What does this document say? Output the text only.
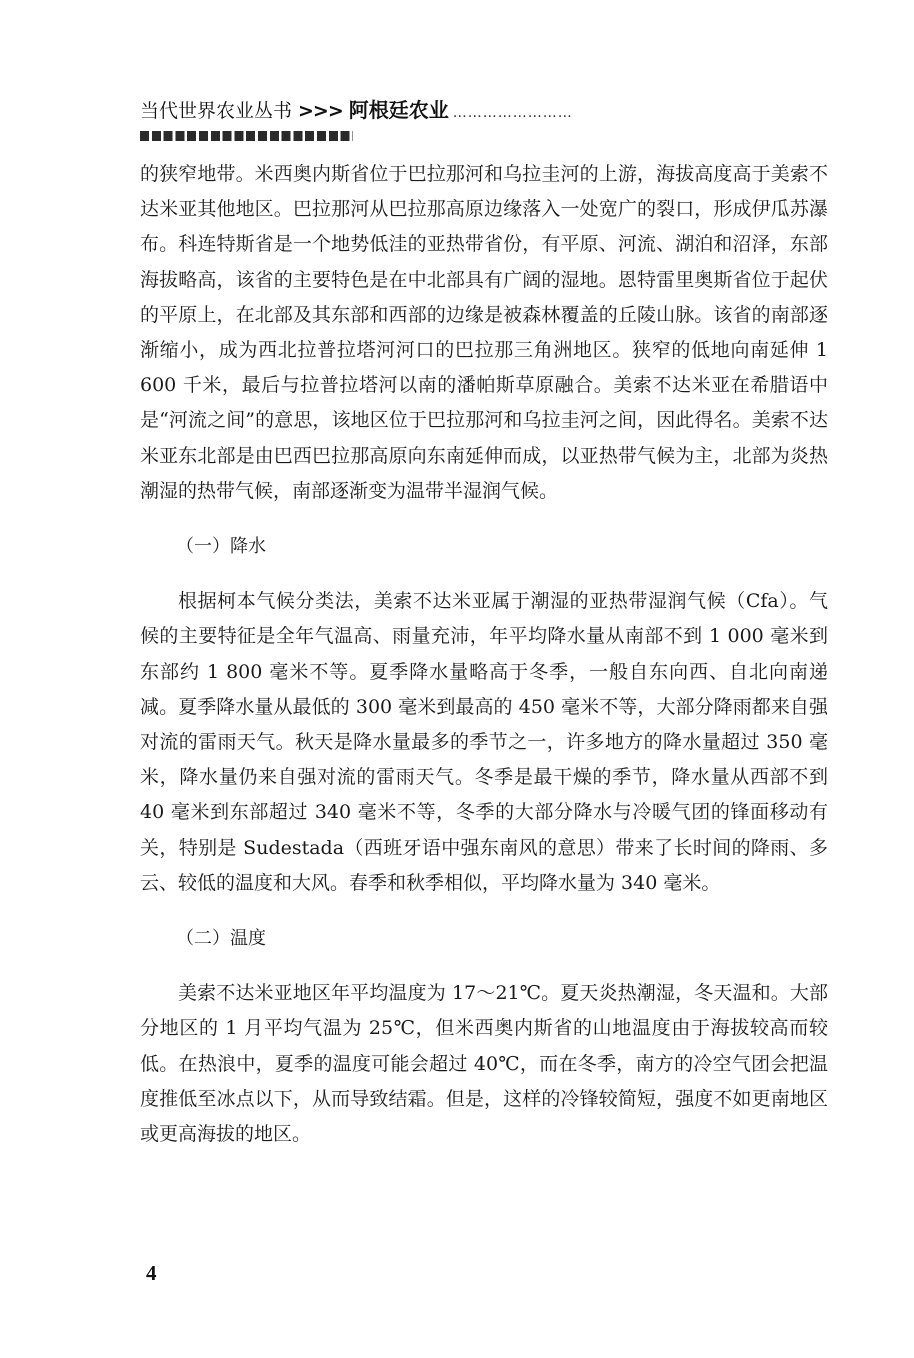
当代世界农业丛书 >>> 阿根廷农业 ……………………

的狭窄地带。米西奥内斯省位于巴拉那河和乌拉圭河的上游，海拔高度高于美索不达米亚其他地区。巴拉那河从巴拉那高原边缘落入一处宽广的裂口，形成伊瓜苏瀑布。科连特斯省是一个地势低洼的亚热带省份，有平原、河流、湖泊和沼泽，东部海拔略高，该省的主要特色是在中北部具有广阔的湿地。恩特雷里奥斯省位于起伏的平原上，在北部及其东部和西部的边缘是被森林覆盖的丘陵山脉。该省的南部逐渐缩小，成为西北拉普拉塔河河口的巴拉那三角洲地区。狭窄的低地向南延伸 1 600 千米，最后与拉普拉塔河以南的潘帕斯草原融合。美索不达米亚在希腊语中是“河流之间”的意思，该地区位于巴拉那河和乌拉圭河之间，因此得名。美索不达米亚东北部是由巴西巴拉那高原向东南延伸而成，以亚热带气候为主，北部为炎热潮湿的热带气候，南部逐渐变为温带半湿润气候。

（一）降水

根据柯本气候分类法，美索不达米亚属于潮湿的亚热带湿润气候（Cfa）。气候的主要特征是全年气温高、雨量充沛，年平均降水量从南部不到 1 000 毫米到东部约 1 800 毫米不等。夏季降水量略高于冬季，一般自东向西、自北向南递减。夏季降水量从最低的 300 毫米到最高的 450 毫米不等，大部分降雨都来自强对流的雷雨天气。秋天是降水量最多的季节之一，许多地方的降水量超过 350 毫米，降水量仍来自强对流的雷雨天气。冬季是最干燥的季节，降水量从西部不到 40 毫米到东部超过 340 毫米不等，冬季的大部分降水与冷暖气团的锋面移动有关，特别是 Sudestada（西班牙语中强东南风的意思）带来了长时间的降雨、多云、较低的温度和大风。春季和秋季相似，平均降水量为 340 毫米。

（二）温度

美索不达米亚地区年平均温度为 17～21℃。夏天炎热潮湿，冬天温和。大部分地区的 1 月平均气温为 25℃，但米西奥内斯省的山地温度由于海拔较高而较低。在热浪中，夏季的温度可能会超过 40℃，而在冬季，南方的冷空气团会把温度推低至冰点以下，从而导致结霜。但是，这样的冷锋较简短，强度不如更南地区或更高海拔的地区。

4
